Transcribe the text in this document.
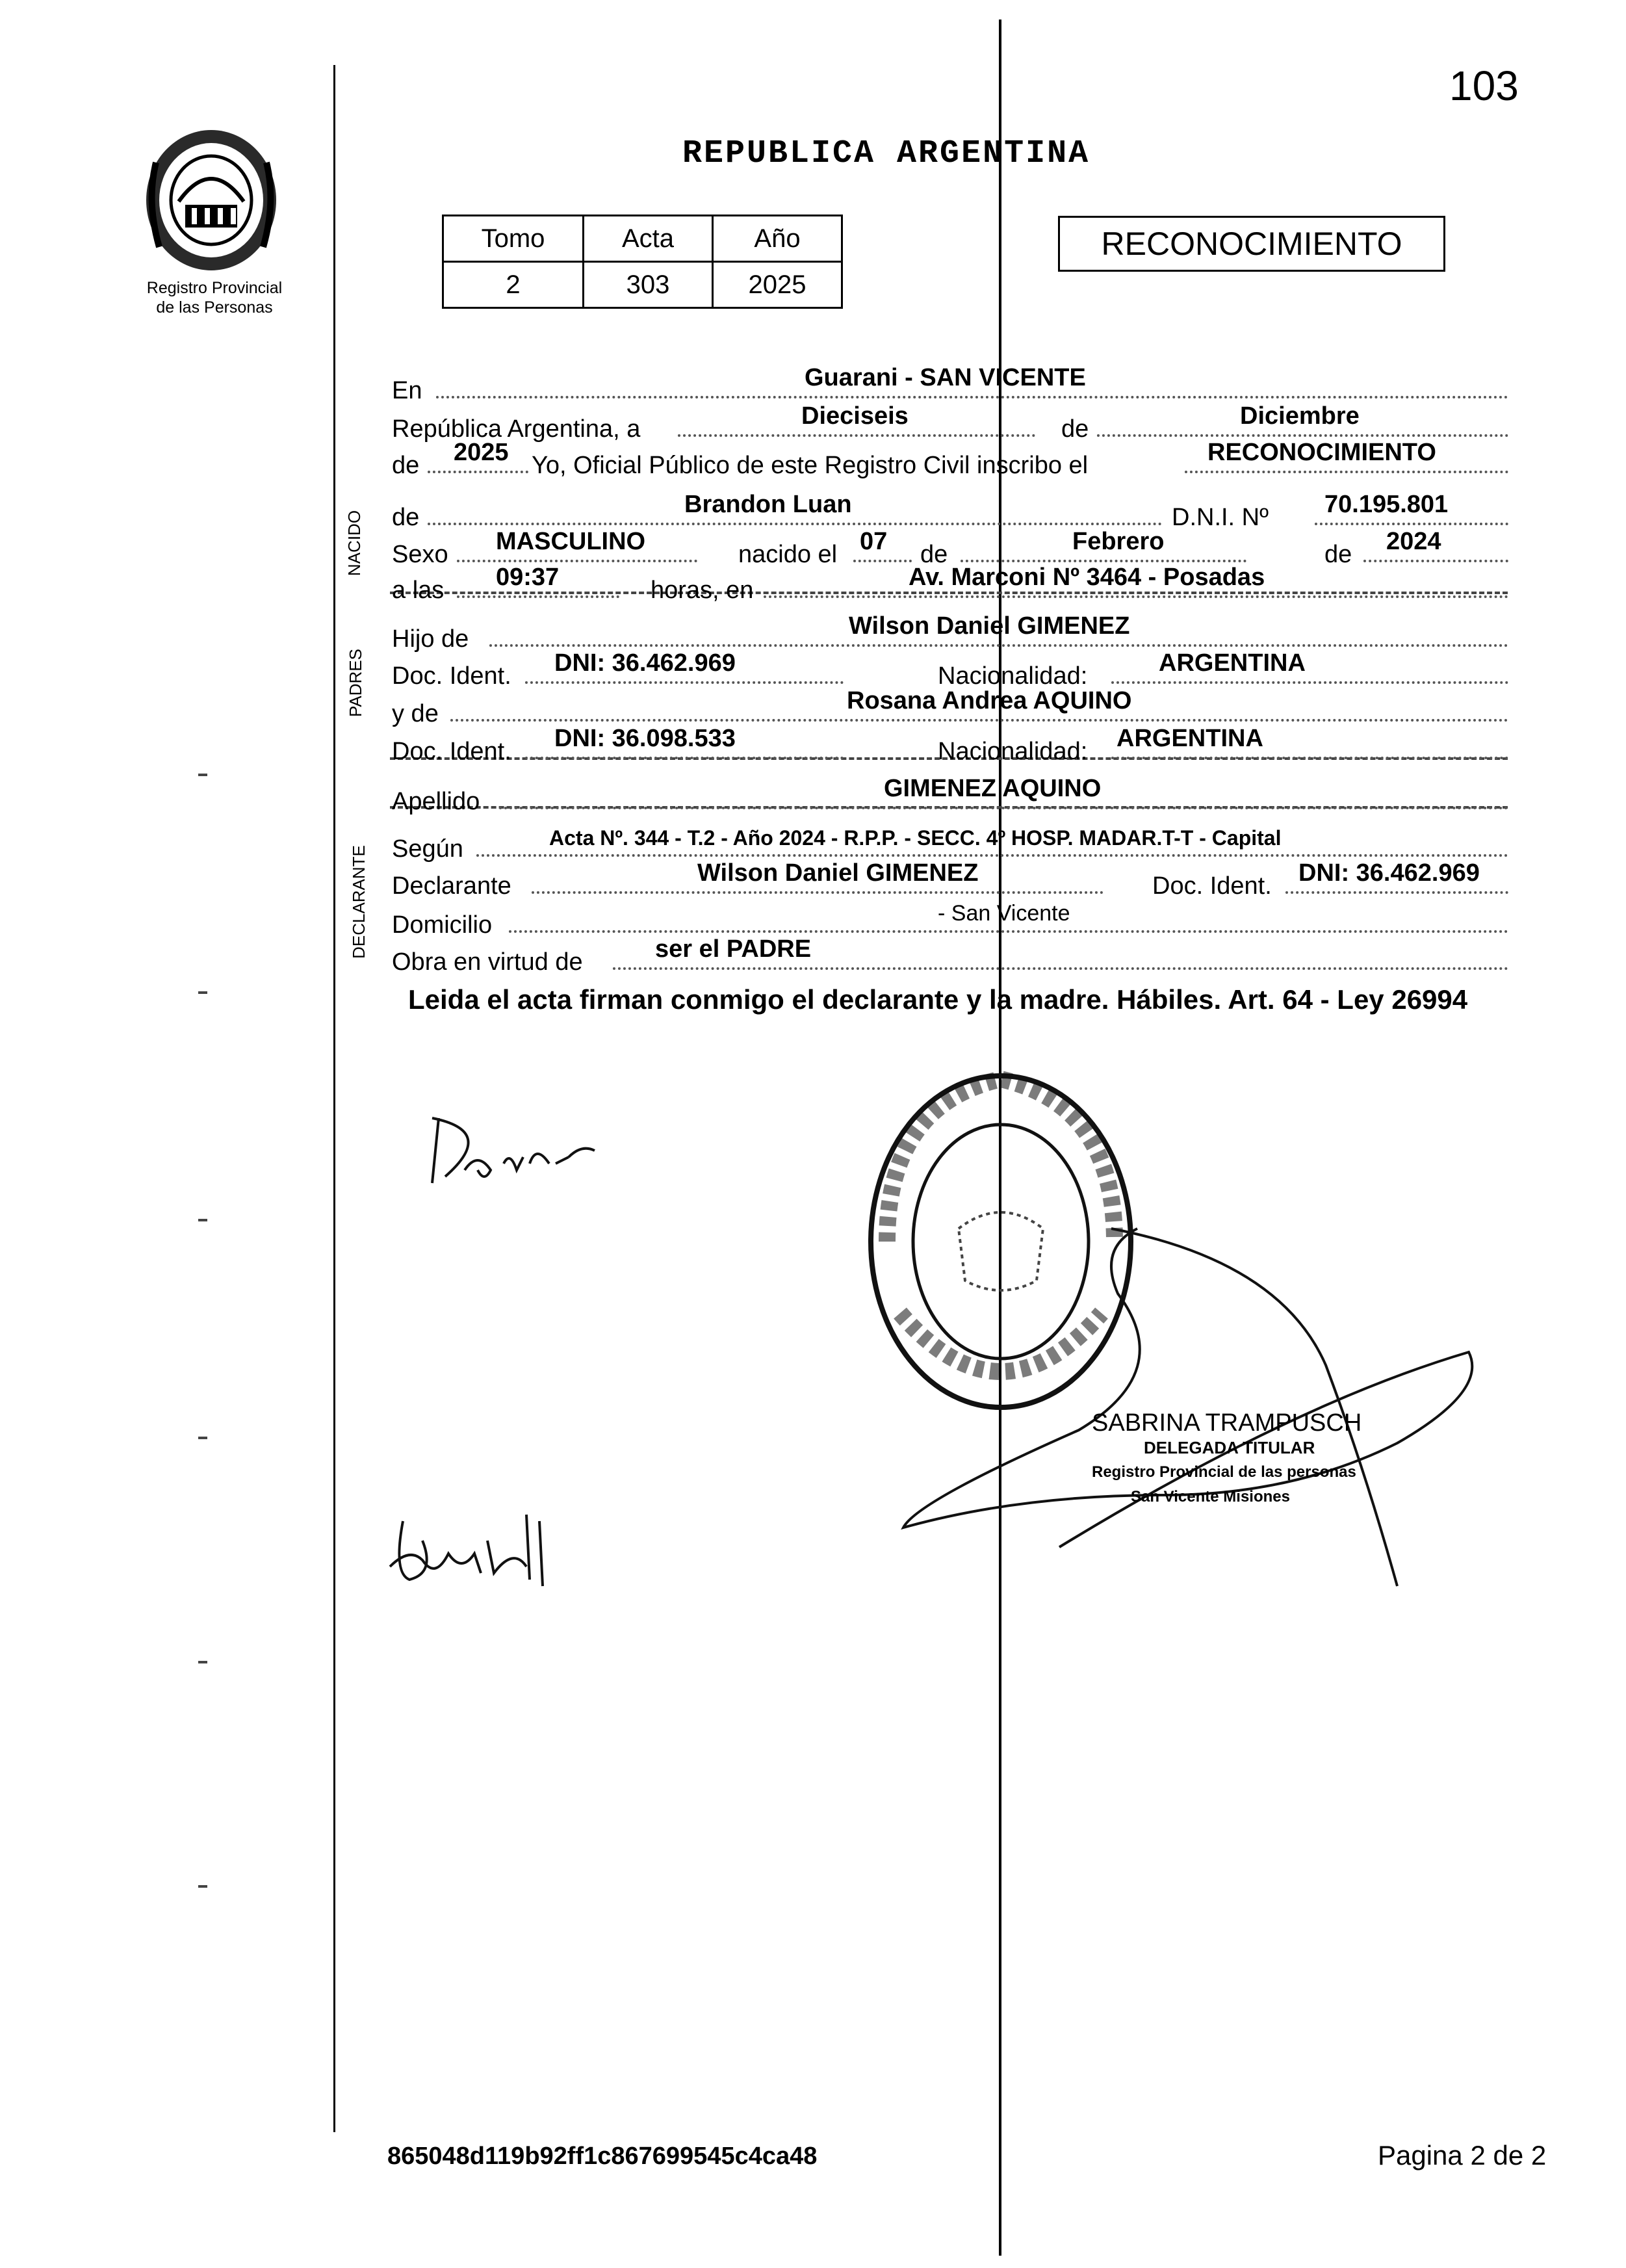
103
Registro Provincial
de las Personas
REPUBLICA ARGENTINA
Tomo	Acta	Año
2	303	2025
RECONOCIMIENTO
NACIDO
PADRES
DECLARANTE
En	Guarani - SAN VICENTE
República Argentina, a	Dieciseis	de	Diciembre
de 2025 Yo, Oficial Público de este Registro Civil inscribo el	RECONOCIMIENTO
de	Brandon Luan	D.N.I. Nº 70.195.801
Sexo MASCULINO	nacido el 07 de	Febrero	de 2024
a las 09:37	horas, en	Av. Marconi Nº 3464 - Posadas
Hijo de	Wilson Daniel GIMENEZ
Doc. Ident. DNI: 36.462.969	Nacionalidad:	ARGENTINA
y de	Rosana Andrea AQUINO
Doc. Ident. DNI: 36.098.533	Nacionalidad: ARGENTINA
Apellido	GIMENEZ AQUINO
Según	Acta Nº. 344 - T.2 - Año 2024 - R.P.P. - SECC. 4º HOSP. MADAR.T-T - Capital
Declarante	Wilson Daniel GIMENEZ	Doc. Ident. DNI: 36.462.969
Domicilio	- San Vicente
Obra en virtud de	ser el PADRE
Leida el acta firman conmigo el declarante y la madre. Hábiles. Art. 64 - Ley 26994
SABRINA TRAMPUSCH
DELEGADA TITULAR
Registro Provincial de las personas
San Vicente Misiones
865048d119b92ff1c867699545c4ca48	Pagina 2 de 2
